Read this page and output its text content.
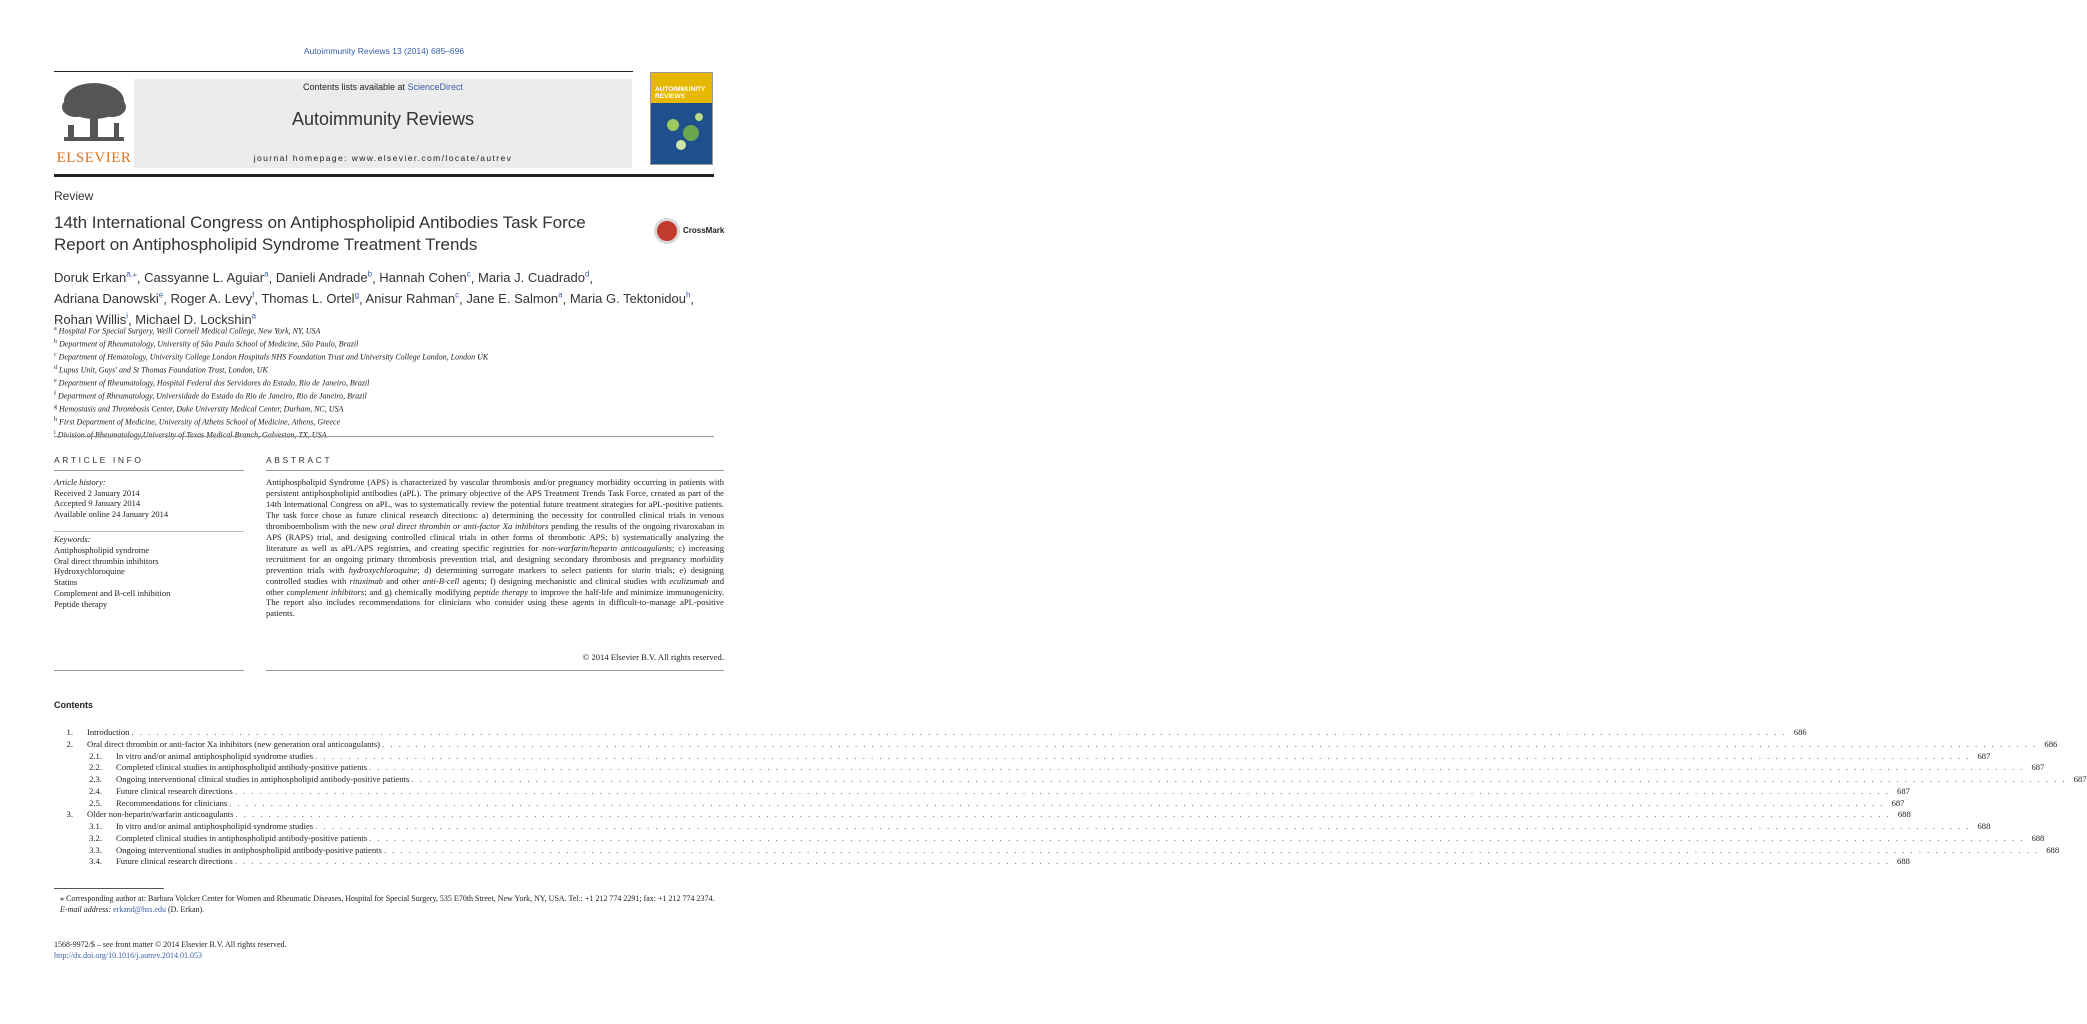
Autoimmunity Reviews 13 (2014) 685–696
ELSEVIER
Contents lists available at ScienceDirect
Autoimmunity Reviews
journal homepage: www.elsevier.com/locate/autrev
AUTOIMMUNITY REVIEWS
Review
14th International Congress on Antiphospholipid Antibodies Task Force Report on Antiphospholipid Syndrome Treatment Trends
CrossMark
Doruk Erkan$^{a,⁎}$, Cassyanne L. Aguiar$^a$, Danieli Andrade$^b$, Hannah Cohen$^c$, Maria J. Cuadrado$^d$,
Adriana Danowski$^e$, Roger A. Levy$^f$, Thomas L. Ortel$^g$, Anisur Rahman$^c$, Jane E. Salmon$^a$, Maria G. Tektonidou$^h$,
Rohan Willis$^i$, Michael D. Lockshin$^a$
$^a$ Hospital For Special Surgery, Weill Cornell Medical College, New York, NY, USA
$^b$ Department of Rheumatology, University of São Paulo School of Medicine, São Paulo, Brazil
$^c$ Department of Hematology, University College London Hospitals NHS Foundation Trust and University College London, London UK
$^d$ Lupus Unit, Guys' and St Thomas Foundation Trust, London, UK
$^e$ Department of Rheumatology, Hospital Federal dos Servidores do Estado, Rio de Janeiro, Brazil
$^f$ Department of Rheumatology, Universidade do Estado do Rio de Janeiro, Rio de Janeiro, Brazil
$^g$ Hemostasis and Thrombosis Center, Duke University Medical Center, Durham, NC, USA
$^h$ First Department of Medicine, University of Athens School of Medicine, Athens, Greece
$^i$ Division of Rheumatology,University of Texas Medical Branch, Galveston, TX, USA
ARTICLE INFO
Article history:
Received 2 January 2014
Accepted 9 January 2014
Available online 24 January 2014
Keywords:
Antiphospholipid syndrome
Oral direct thrombin inhibitors
Hydroxychloroquine
Statins
Complement and B-cell inhibition
Peptide therapy
ABSTRACT
Antiphospholipid Syndrome (APS) is characterized by vascular thrombosis and/or pregnancy morbidity occurring in patients with persistent antiphospholipid antibodies (aPL). The primary objective of the APS Treatment Trends Task Force, created as part of the 14th International Congress on aPL, was to systematically review the potential future treatment strategies for aPL-positive patients. The task force chose as future clinical research directions: a) determining the necessity for controlled clinical trials in venous thromboembolism with the new oral direct thrombin or anti-factor Xa inhibitors pending the results of the ongoing rivaroxaban in APS (RAPS) trial, and designing controlled clinical trials in other forms of thrombotic APS; b) systematically analyzing the literature as well as aPL/APS registries, and creating specific registries for non-warfarin/heparin anticoagulants; c) increasing recruitment for an ongoing primary thrombosis prevention trial, and designing secondary thrombosis and pregnancy morbidity prevention trials with hydroxychloroquine; d) determining surrogate markers to select patients for statin trials; e) designing controlled studies with rituximab and other anti-B-cell agents; f) designing mechanistic and clinical studies with eculizumab and other complement inhibitors; and g) chemically modifying peptide therapy to improve the half-life and minimize immunogenicity. The report also includes recommendations for clinicians who consider using these agents in difficult-to-manage aPL-positive patients.
© 2014 Elsevier B.V. All rights reserved.
Contents
1.	Introduction . . . . . . . . . . . . . . . . . . . . . . . . . . . . . . . . . . . . . . . . . . . . . . . . . . . . . . . . . . . . . . . . . . . . . . . . . . . . . . . . . . . . . . . . . . . . . . . . . . . . . . . . . . . . . . . . . . . . . . . . . . . . . . . . . . . . . . . . . . . . . . . . . . . . . . . . . . . . . . . . . . . . . . . . . . . . . . . . . . . . . . . . . . . . . . . . . . . . . . . . 686
2.	Oral direct thrombin or anti-factor Xa inhibitors (new generation oral anticoagulants) . . . . . . . . . . . . . . . . . . . . . . . . . . . . . . . . . . . . . . . . . . . . . . . . . . . . . . . . . . . . . . . . . . . . . . . . . . . . . . . . . . . . . . . . . . . . . . . . . . . . . . . . . . . . . . . . . . . . . . . . . . . . . . . . . . . . . . . . . . . . . . . . . . . . . . . . . . . . . . . . . . . . . . . . . . . . . . . . . . . . . . . . . . . . . . . . . . . . . . . . 686
2.1.	In vitro and/or animal antiphospholipid syndrome studies . . . . . . . . . . . . . . . . . . . . . . . . . . . . . . . . . . . . . . . . . . . . . . . . . . . . . . . . . . . . . . . . . . . . . . . . . . . . . . . . . . . . . . . . . . . . . . . . . . . . . . . . . . . . . . . . . . . . . . . . . . . . . . . . . . . . . . . . . . . . . . . . . . . . . . . . . . . . . . . . . . . . . . . . . . . . . . . . . . . . . . . . . . . . . . . . . . . . . . . . 687
2.2.	Completed clinical studies in antiphospholipid antibody-positive patients . . . . . . . . . . . . . . . . . . . . . . . . . . . . . . . . . . . . . . . . . . . . . . . . . . . . . . . . . . . . . . . . . . . . . . . . . . . . . . . . . . . . . . . . . . . . . . . . . . . . . . . . . . . . . . . . . . . . . . . . . . . . . . . . . . . . . . . . . . . . . . . . . . . . . . . . . . . . . . . . . . . . . . . . . . . . . . . . . . . . . . . . . . . . . . . . . . . . . . . . 687
2.3.	Ongoing interventional clinical studies in antiphospholipid antibody-positive patients . . . . . . . . . . . . . . . . . . . . . . . . . . . . . . . . . . . . . . . . . . . . . . . . . . . . . . . . . . . . . . . . . . . . . . . . . . . . . . . . . . . . . . . . . . . . . . . . . . . . . . . . . . . . . . . . . . . . . . . . . . . . . . . . . . . . . . . . . . . . . . . . . . . . . . . . . . . . . . . . . . . . . . . . . . . . . . . . . . . . . . . . . . . . . . . . . . . . . . . . 687
2.4.	Future clinical research directions . . . . . . . . . . . . . . . . . . . . . . . . . . . . . . . . . . . . . . . . . . . . . . . . . . . . . . . . . . . . . . . . . . . . . . . . . . . . . . . . . . . . . . . . . . . . . . . . . . . . . . . . . . . . . . . . . . . . . . . . . . . . . . . . . . . . . . . . . . . . . . . . . . . . . . . . . . . . . . . . . . . . . . . . . . . . . . . . . . . . . . . . . . . . . . . . . . . . . . . . 687
2.5.	Recommendations for clinicians . . . . . . . . . . . . . . . . . . . . . . . . . . . . . . . . . . . . . . . . . . . . . . . . . . . . . . . . . . . . . . . . . . . . . . . . . . . . . . . . . . . . . . . . . . . . . . . . . . . . . . . . . . . . . . . . . . . . . . . . . . . . . . . . . . . . . . . . . . . . . . . . . . . . . . . . . . . . . . . . . . . . . . . . . . . . . . . . . . . . . . . . . . . . . . . . . . . . . . . . 687
3.	Older non-heparin/warfarin anticoagulants . . . . . . . . . . . . . . . . . . . . . . . . . . . . . . . . . . . . . . . . . . . . . . . . . . . . . . . . . . . . . . . . . . . . . . . . . . . . . . . . . . . . . . . . . . . . . . . . . . . . . . . . . . . . . . . . . . . . . . . . . . . . . . . . . . . . . . . . . . . . . . . . . . . . . . . . . . . . . . . . . . . . . . . . . . . . . . . . . . . . . . . . . . . . . . . . . . . . . . . . 688
3.1.	In vitro and/or animal antiphospholipid syndrome studies . . . . . . . . . . . . . . . . . . . . . . . . . . . . . . . . . . . . . . . . . . . . . . . . . . . . . . . . . . . . . . . . . . . . . . . . . . . . . . . . . . . . . . . . . . . . . . . . . . . . . . . . . . . . . . . . . . . . . . . . . . . . . . . . . . . . . . . . . . . . . . . . . . . . . . . . . . . . . . . . . . . . . . . . . . . . . . . . . . . . . . . . . . . . . . . . . . . . . . . . 688
3.2.	Completed clinical studies in antiphospholipid antibody-positive patients . . . . . . . . . . . . . . . . . . . . . . . . . . . . . . . . . . . . . . . . . . . . . . . . . . . . . . . . . . . . . . . . . . . . . . . . . . . . . . . . . . . . . . . . . . . . . . . . . . . . . . . . . . . . . . . . . . . . . . . . . . . . . . . . . . . . . . . . . . . . . . . . . . . . . . . . . . . . . . . . . . . . . . . . . . . . . . . . . . . . . . . . . . . . . . . . . . . . . . . . 688
3.3.	Ongoing interventional studies in antiphospholipid antibody-positive patients . . . . . . . . . . . . . . . . . . . . . . . . . . . . . . . . . . . . . . . . . . . . . . . . . . . . . . . . . . . . . . . . . . . . . . . . . . . . . . . . . . . . . . . . . . . . . . . . . . . . . . . . . . . . . . . . . . . . . . . . . . . . . . . . . . . . . . . . . . . . . . . . . . . . . . . . . . . . . . . . . . . . . . . . . . . . . . . . . . . . . . . . . . . . . . . . . . . . . . . . 688
3.4.	Future clinical research directions . . . . . . . . . . . . . . . . . . . . . . . . . . . . . . . . . . . . . . . . . . . . . . . . . . . . . . . . . . . . . . . . . . . . . . . . . . . . . . . . . . . . . . . . . . . . . . . . . . . . . . . . . . . . . . . . . . . . . . . . . . . . . . . . . . . . . . . . . . . . . . . . . . . . . . . . . . . . . . . . . . . . . . . . . . . . . . . . . . . . . . . . . . . . . . . . . . . . . . . . 688
⁎ Corresponding author at: Barbara Volcker Center for Women and Rheumatic Diseases, Hospital for Special Surgery, 535 E70th Street, New York, NY, USA. Tel.: +1 212 774 2291; fax: +1 212 774 2374.
E-mail address: erkand@hss.edu (D. Erkan).
1568-9972/$ – see front matter © 2014 Elsevier B.V. All rights reserved.
http://dx.doi.org/10.1016/j.autrev.2014.01.053
